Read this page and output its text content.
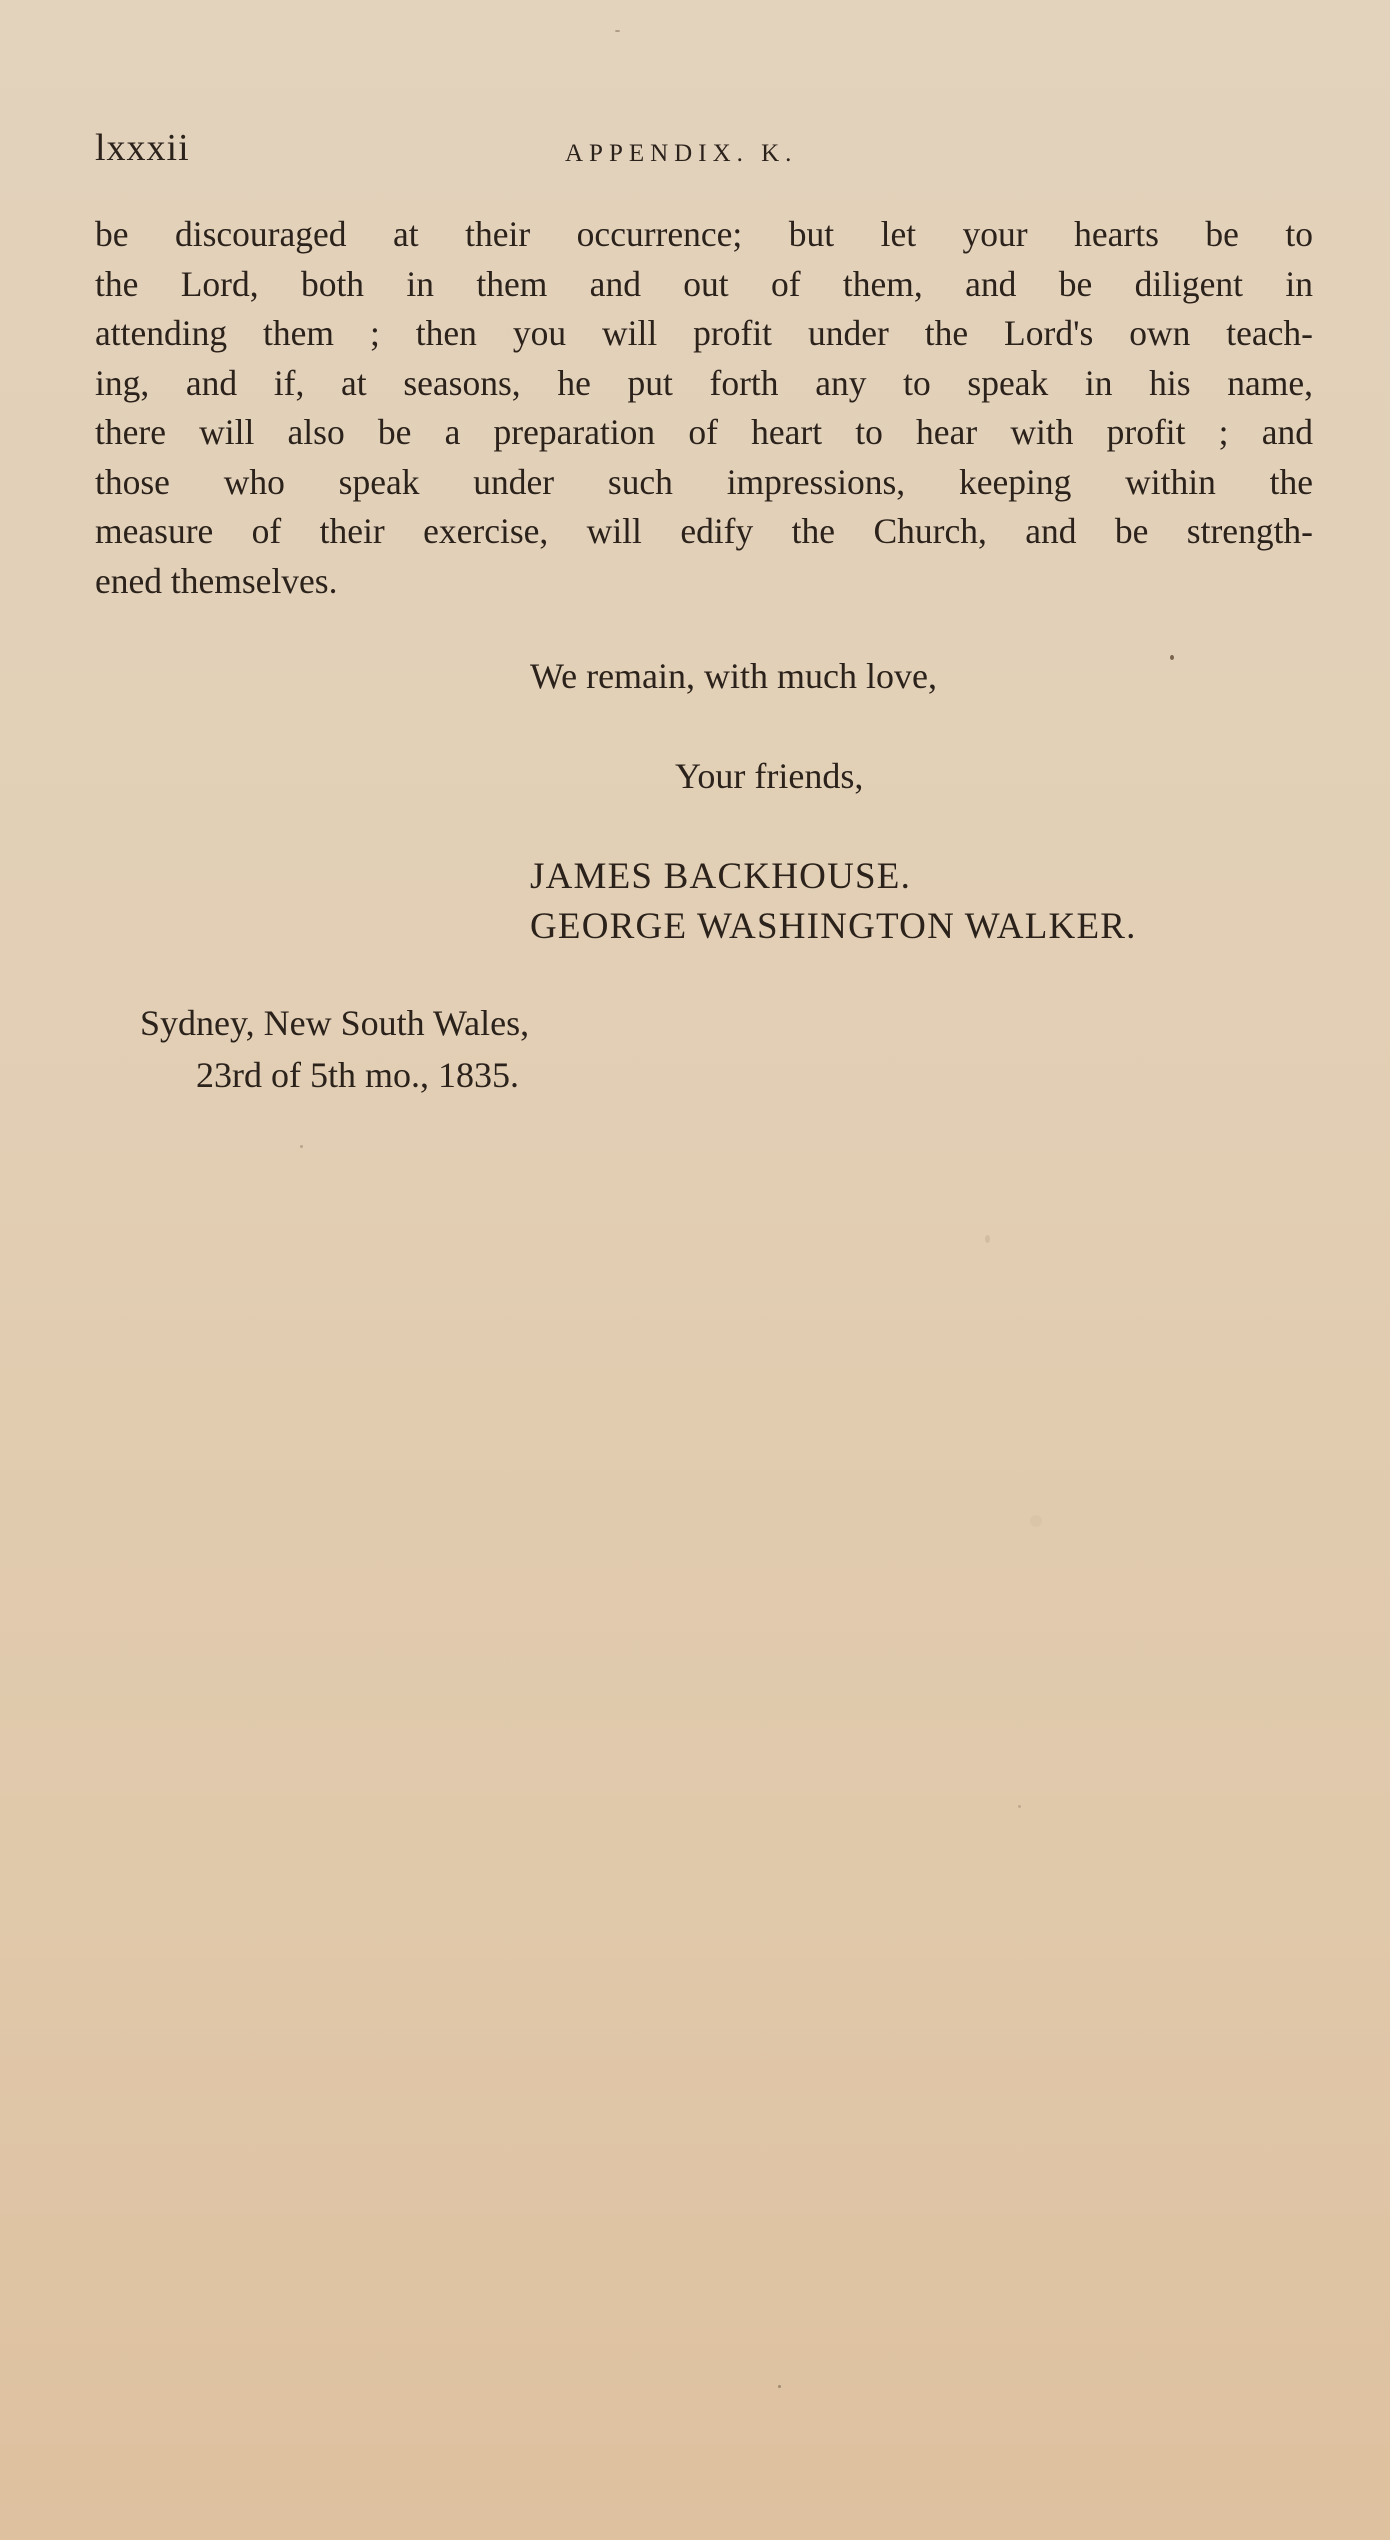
lxxxii	APPENDIX. K.
be discouraged at their occurrence; but let your hearts be to
the Lord, both in them and out of them, and be diligent in
attending them ; then you will profit under the Lord's own teach-
ing, and if, at seasons, he put forth any to speak in his name,
there will also be a preparation of heart to hear with profit ; and
those who speak under such impressions, keeping within the
measure of their exercise, will edify the Church, and be strength-
ened themselves.
We remain, with much love,
Your friends,
JAMES BACKHOUSE.
GEORGE WASHINGTON WALKER.
Sydney, New South Wales,
23rd of 5th mo., 1835.
